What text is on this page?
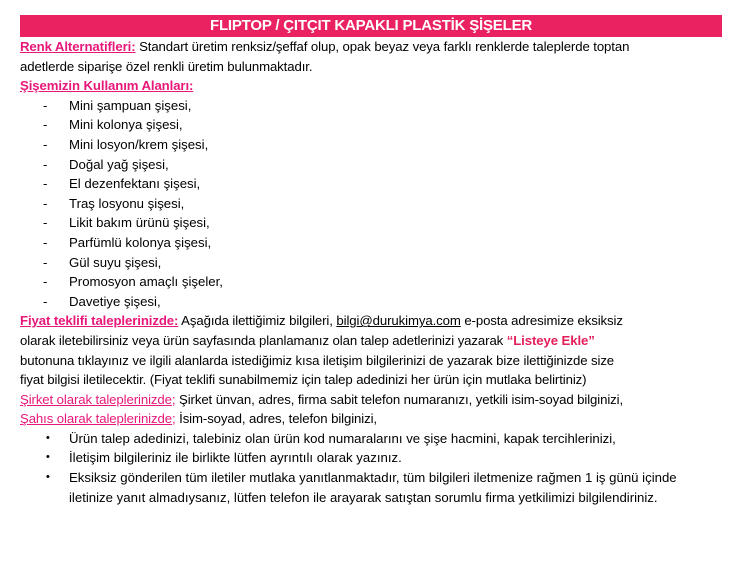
FLIPTOP / ÇITÇIT KAPAKLI PLASTİK ŞİŞELER
Renk Alternatifleri: Standart üretim renksiz/şeffaf olup, opak beyaz veya farklı renklerde taleplerde toptan
adetlerde siparişe özel renkli üretim bulunmaktadır.
Şişemizin Kullanım Alanları:
- Mini şampuan şişesi,
- Mini kolonya şişesi,
- Mini losyon/krem şişesi,
- Doğal yağ şişesi,
- El dezenfektanı şişesi,
- Traş losyonu şişesi,
- Likit bakım ürünü şişesi,
- Parfümlü kolonya şişesi,
- Gül suyu şişesi,
- Promosyon amaçlı şişeler,
- Davetiye şişesi,
Fiyat teklifi taleplerinizde: Aşağıda ilettiğimiz bilgileri, bilgi@durukimya.com e-posta adresimize eksiksiz
olarak iletebilirsiniz veya ürün sayfasında planlamanız olan talep adetlerinizi yazarak “Listeye Ekle”
butonuna tıklayınız ve ilgili alanlarda istediğimiz kısa iletişim bilgilerinizi de yazarak bize ilettiğinizde size
fiyat bilgisi iletilecektir. (Fiyat teklifi sunabilmemiz için talep adedinizi her ürün için mutlaka belirtiniz)
Şirket olarak taleplerinizde; Şirket ünvan, adres, firma sabit telefon numaranızı, yetkili isim-soyad bilginizi,
Şahıs olarak taleplerinizde; İsim-soyad, adres, telefon bilginizi,
• Ürün talep adedinizi, talebiniz olan ürün kod numaralarını ve şişe hacmini, kapak tercihlerinizi,
• İletişim bilgileriniz ile birlikte lütfen ayrıntılı olarak yazınız.
• Eksiksiz gönderilen tüm iletiler mutlaka yanıtlanmaktadır, tüm bilgileri iletmenize rağmen 1 iş günü içinde iletinize yanıt almadıysanız, lütfen telefon ile arayarak satıştan sorumlu firma yetkilimizi bilgilendiriniz.
